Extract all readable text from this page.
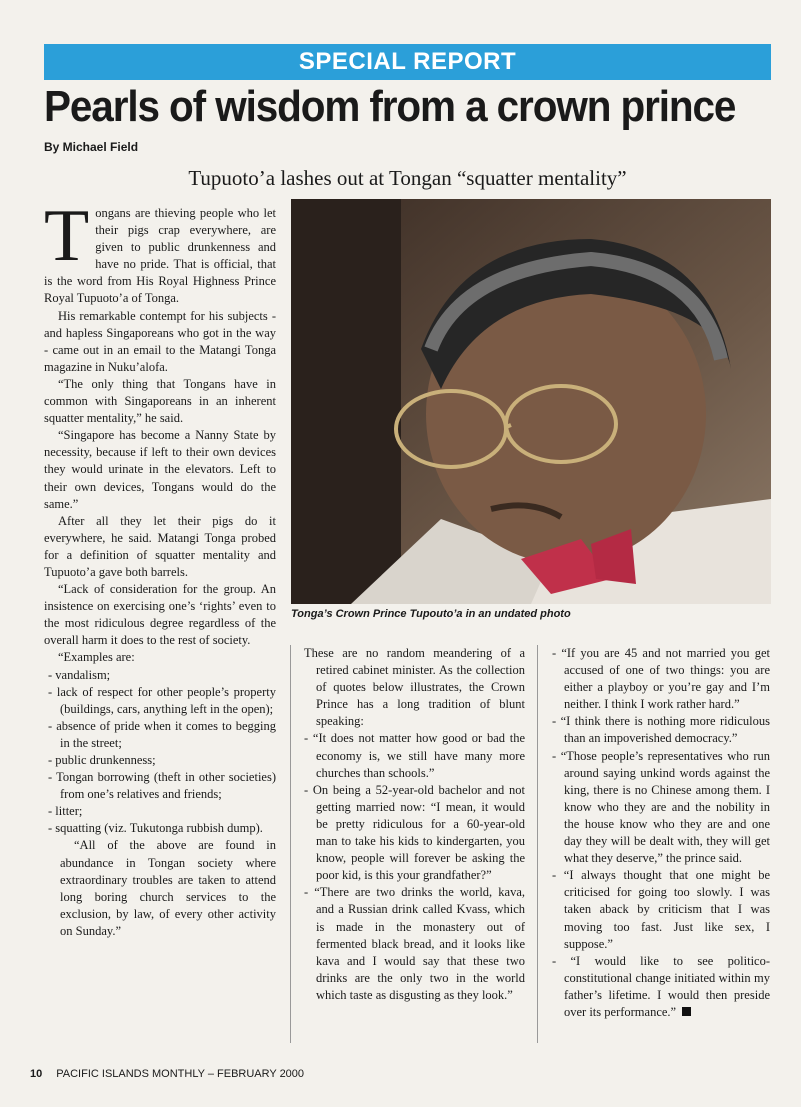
SPECIAL REPORT
Pearls of wisdom from a crown prince
By Michael Field
Tupuoto’a lashes out at Tongan “squatter mentality”

Tongans are thieving people who let their pigs crap everywhere, are given to public drunkenness and have no pride. That is official, that is the word from His Royal Highness Prince Royal Tupuoto’a of Tonga.

His remarkable contempt for his subjects - and hapless Singaporeans who got in the way - came out in an email to the Matangi Tonga magazine in Nuku’alofa.

“The only thing that Tongans have in common with Singaporeans in an inherent squatter mentality,” he said.

“Singapore has become a Nanny State by necessity, because if left to their own devices they would urinate in the elevators. Left to their own devices, Tongans would do the same.”

After all they let their pigs do it everywhere, he said. Matangi Tonga probed for a definition of squatter mentality and Tupuoto’a gave both barrels.

“Lack of consideration for the group. An insistence on exercising one’s ‘rights’ even to the most ridiculous degree regardless of the overall harm it does to the rest of society.

“Examples are:

- vandalism;
- lack of respect for other people’s property (buildings, cars, anything left in the open);
- absence of pride when it comes to begging in the street;
- public drunkenness;
- Tongan borrowing (theft in other societies) from one’s relatives and friends;
- litter;
- squatting (viz. Tukutonga rubbish dump).

“All of the above are found in abundance in Tongan society where extraordinary troubles are taken to attend long boring church services to the exclusion, by law, of every other activity on Sunday.”

Tonga’s Crown Prince Tupouto’a in an undated photo

These are no random meandering of a retired cabinet minister. As the collection of quotes below illustrates, the Crown Prince has a long tradition of blunt speaking:

- “It does not matter how good or bad the economy is, we still have many more churches than schools.”

- On being a 52-year-old bachelor and not getting married now: “I mean, it would be pretty ridiculous for a 60-year-old man to take his kids to kindergarten, you know, people will forever be asking the poor kid, is this your grandfather?”

- “There are two drinks the world, kava, and a Russian drink called Kvass, which is made in the monastery out of fermented black bread, and it looks like kava and I would say that these two drinks are the only two in the world which taste as disgusting as they look.”

- “If you are 45 and not married you get accused of one of two things: you are either a playboy or you’re gay and I’m neither. I think I work rather hard.”

- “I think there is nothing more ridiculous than an impoverished democracy.”

- “Those people’s representatives who run around saying unkind words against the king, there is no Chinese among them. I know who they are and the nobility in the house know who they are and one day they will be dealt with, they will get what they deserve,” the prince said.

- “I always thought that one might be criticised for going too slowly. I was taken aback by criticism that I was moving too fast. Just like sex, I suppose.”

- “I would like to see politico-constitutional change initiated within my father’s lifetime. I would then preside over its performance.”

10 PACIFIC ISLANDS MONTHLY – FEBRUARY 2000
